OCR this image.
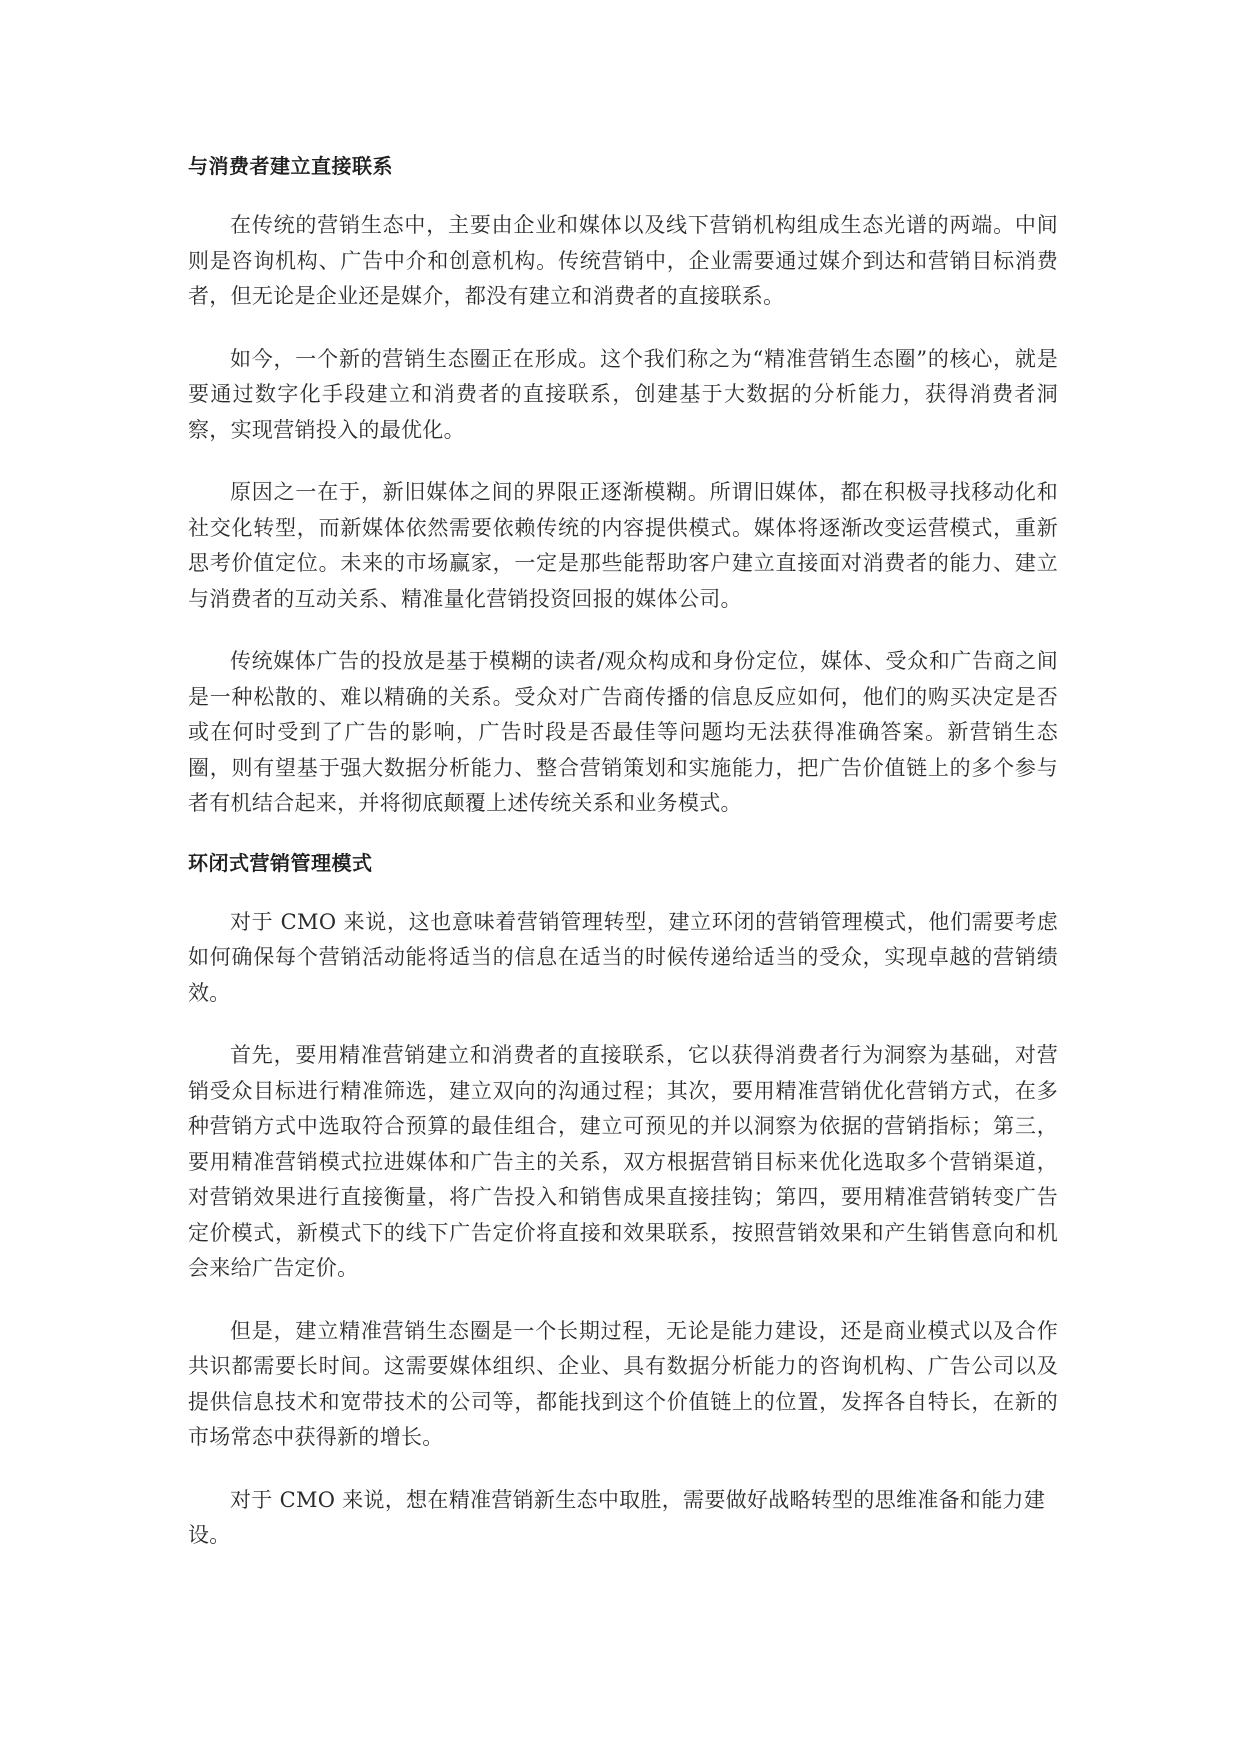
与消费者建立直接联系

在传统的营销生态中，主要由企业和媒体以及线下营销机构组成生态光谱的两端。中间则是咨询机构、广告中介和创意机构。传统营销中，企业需要通过媒介到达和营销目标消费者，但无论是企业还是媒介，都没有建立和消费者的直接联系。

如今，一个新的营销生态圈正在形成。这个我们称之为“精准营销生态圈”的核心，就是要通过数字化手段建立和消费者的直接联系，创建基于大数据的分析能力，获得消费者洞察，实现营销投入的最优化。

原因之一在于，新旧媒体之间的界限正逐渐模糊。所谓旧媒体，都在积极寻找移动化和社交化转型，而新媒体依然需要依赖传统的内容提供模式。媒体将逐渐改变运营模式，重新思考价值定位。未来的市场赢家，一定是那些能帮助客户建立直接面对消费者的能力、建立与消费者的互动关系、精准量化营销投资回报的媒体公司。

传统媒体广告的投放是基于模糊的读者/观众构成和身份定位，媒体、受众和广告商之间是一种松散的、难以精确的关系。受众对广告商传播的信息反应如何，他们的购买决定是否或在何时受到了广告的影响，广告时段是否最佳等问题均无法获得准确答案。新营销生态圈，则有望基于强大数据分析能力、整合营销策划和实施能力，把广告价值链上的多个参与者有机结合起来，并将彻底颠覆上述传统关系和业务模式。

环闭式营销管理模式

对于 CMO 来说，这也意味着营销管理转型，建立环闭的营销管理模式，他们需要考虑如何确保每个营销活动能将适当的信息在适当的时候传递给适当的受众，实现卓越的营销绩效。

首先，要用精准营销建立和消费者的直接联系，它以获得消费者行为洞察为基础，对营销受众目标进行精准筛选，建立双向的沟通过程；其次，要用精准营销优化营销方式，在多种营销方式中选取符合预算的最佳组合，建立可预见的并以洞察为依据的营销指标；第三，要用精准营销模式拉进媒体和广告主的关系，双方根据营销目标来优化选取多个营销渠道，对营销效果进行直接衡量，将广告投入和销售成果直接挂钩；第四，要用精准营销转变广告定价模式，新模式下的线下广告定价将直接和效果联系，按照营销效果和产生销售意向和机会来给广告定价。

但是，建立精准营销生态圈是一个长期过程，无论是能力建设，还是商业模式以及合作共识都需要长时间。这需要媒体组织、企业、具有数据分析能力的咨询机构、广告公司以及提供信息技术和宽带技术的公司等，都能找到这个价值链上的位置，发挥各自特长，在新的市场常态中获得新的增长。

对于 CMO 来说，想在精准营销新生态中取胜，需要做好战略转型的思维准备和能力建设。
